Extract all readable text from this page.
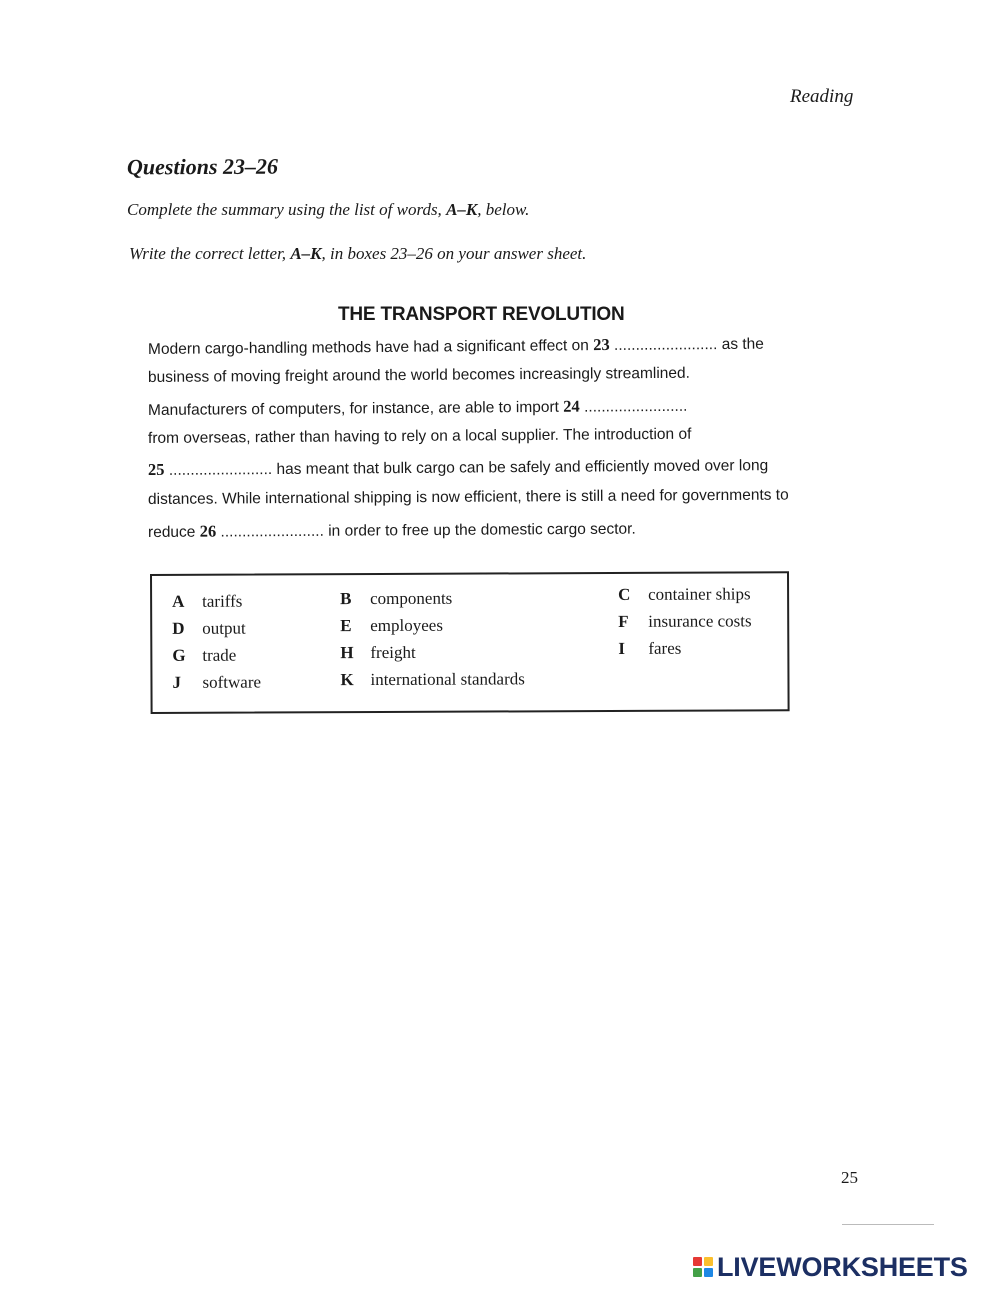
Reading
Questions 23–26
Complete the summary using the list of words, A–K, below.
Write the correct letter, A–K, in boxes 23–26 on your answer sheet.
THE TRANSPORT REVOLUTION
Modern cargo-handling methods have had a significant effect on 23 ........................ as the
business of moving freight around the world becomes increasingly streamlined.
Manufacturers of computers, for instance, are able to import 24 ........................
from overseas, rather than having to rely on a local supplier. The introduction of
25 ........................ has meant that bulk cargo can be safely and efficiently moved over long
distances. While international shipping is now efficient, there is still a need for governments to
reduce 26 ........................ in order to free up the domestic cargo sector.
A tariffs	B components	C container ships
D output	E employees	F insurance costs
G trade	H freight	I fares
J software	K international standards
25
LIVEWORKSHEETS
